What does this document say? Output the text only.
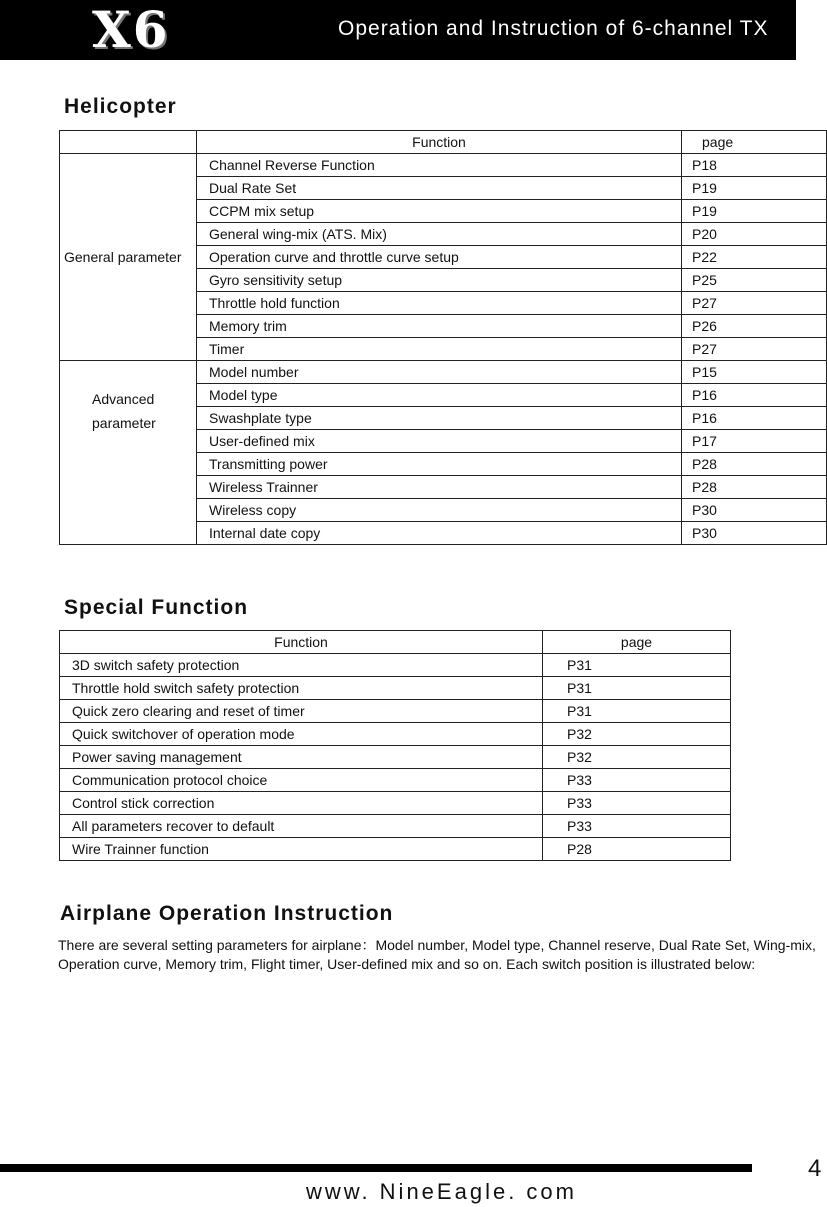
X6	Operation and Instruction of 6-channel TX
Helicopter
	Function	page
General parameter	Channel Reverse Function	P18
	Dual Rate Set	P19
	CCPM mix setup	P19
	General wing-mix (ATS. Mix)	P20
	Operation curve and throttle curve setup	P22
	Gyro sensitivity setup	P25
	Throttle hold function	P27
	Memory trim	P26
	Timer	P27
Advanced parameter	Model number	P15
	Model type	P16
	Swashplate type	P16
	User-defined mix	P17
	Transmitting power	P28
	Wireless Trainner	P28
	Wireless copy	P30
	Internal date copy	P30
Special Function
Function	page
3D switch safety protection	P31
Throttle hold switch safety protection	P31
Quick zero clearing and reset of timer	P31
Quick switchover of operation mode	P32
Power saving management	P32
Communication protocol choice	P33
Control stick correction	P33
All parameters recover to default	P33
Wire Trainner function	P28
Airplane Operation Instruction

There are several setting parameters for airplane：Model number, Model type, Channel reserve, Dual Rate Set, Wing-mix, Operation curve, Memory trim, Flight timer, User-defined mix and so on. Each switch position is illustrated below:

4
www. NineEagle. com
